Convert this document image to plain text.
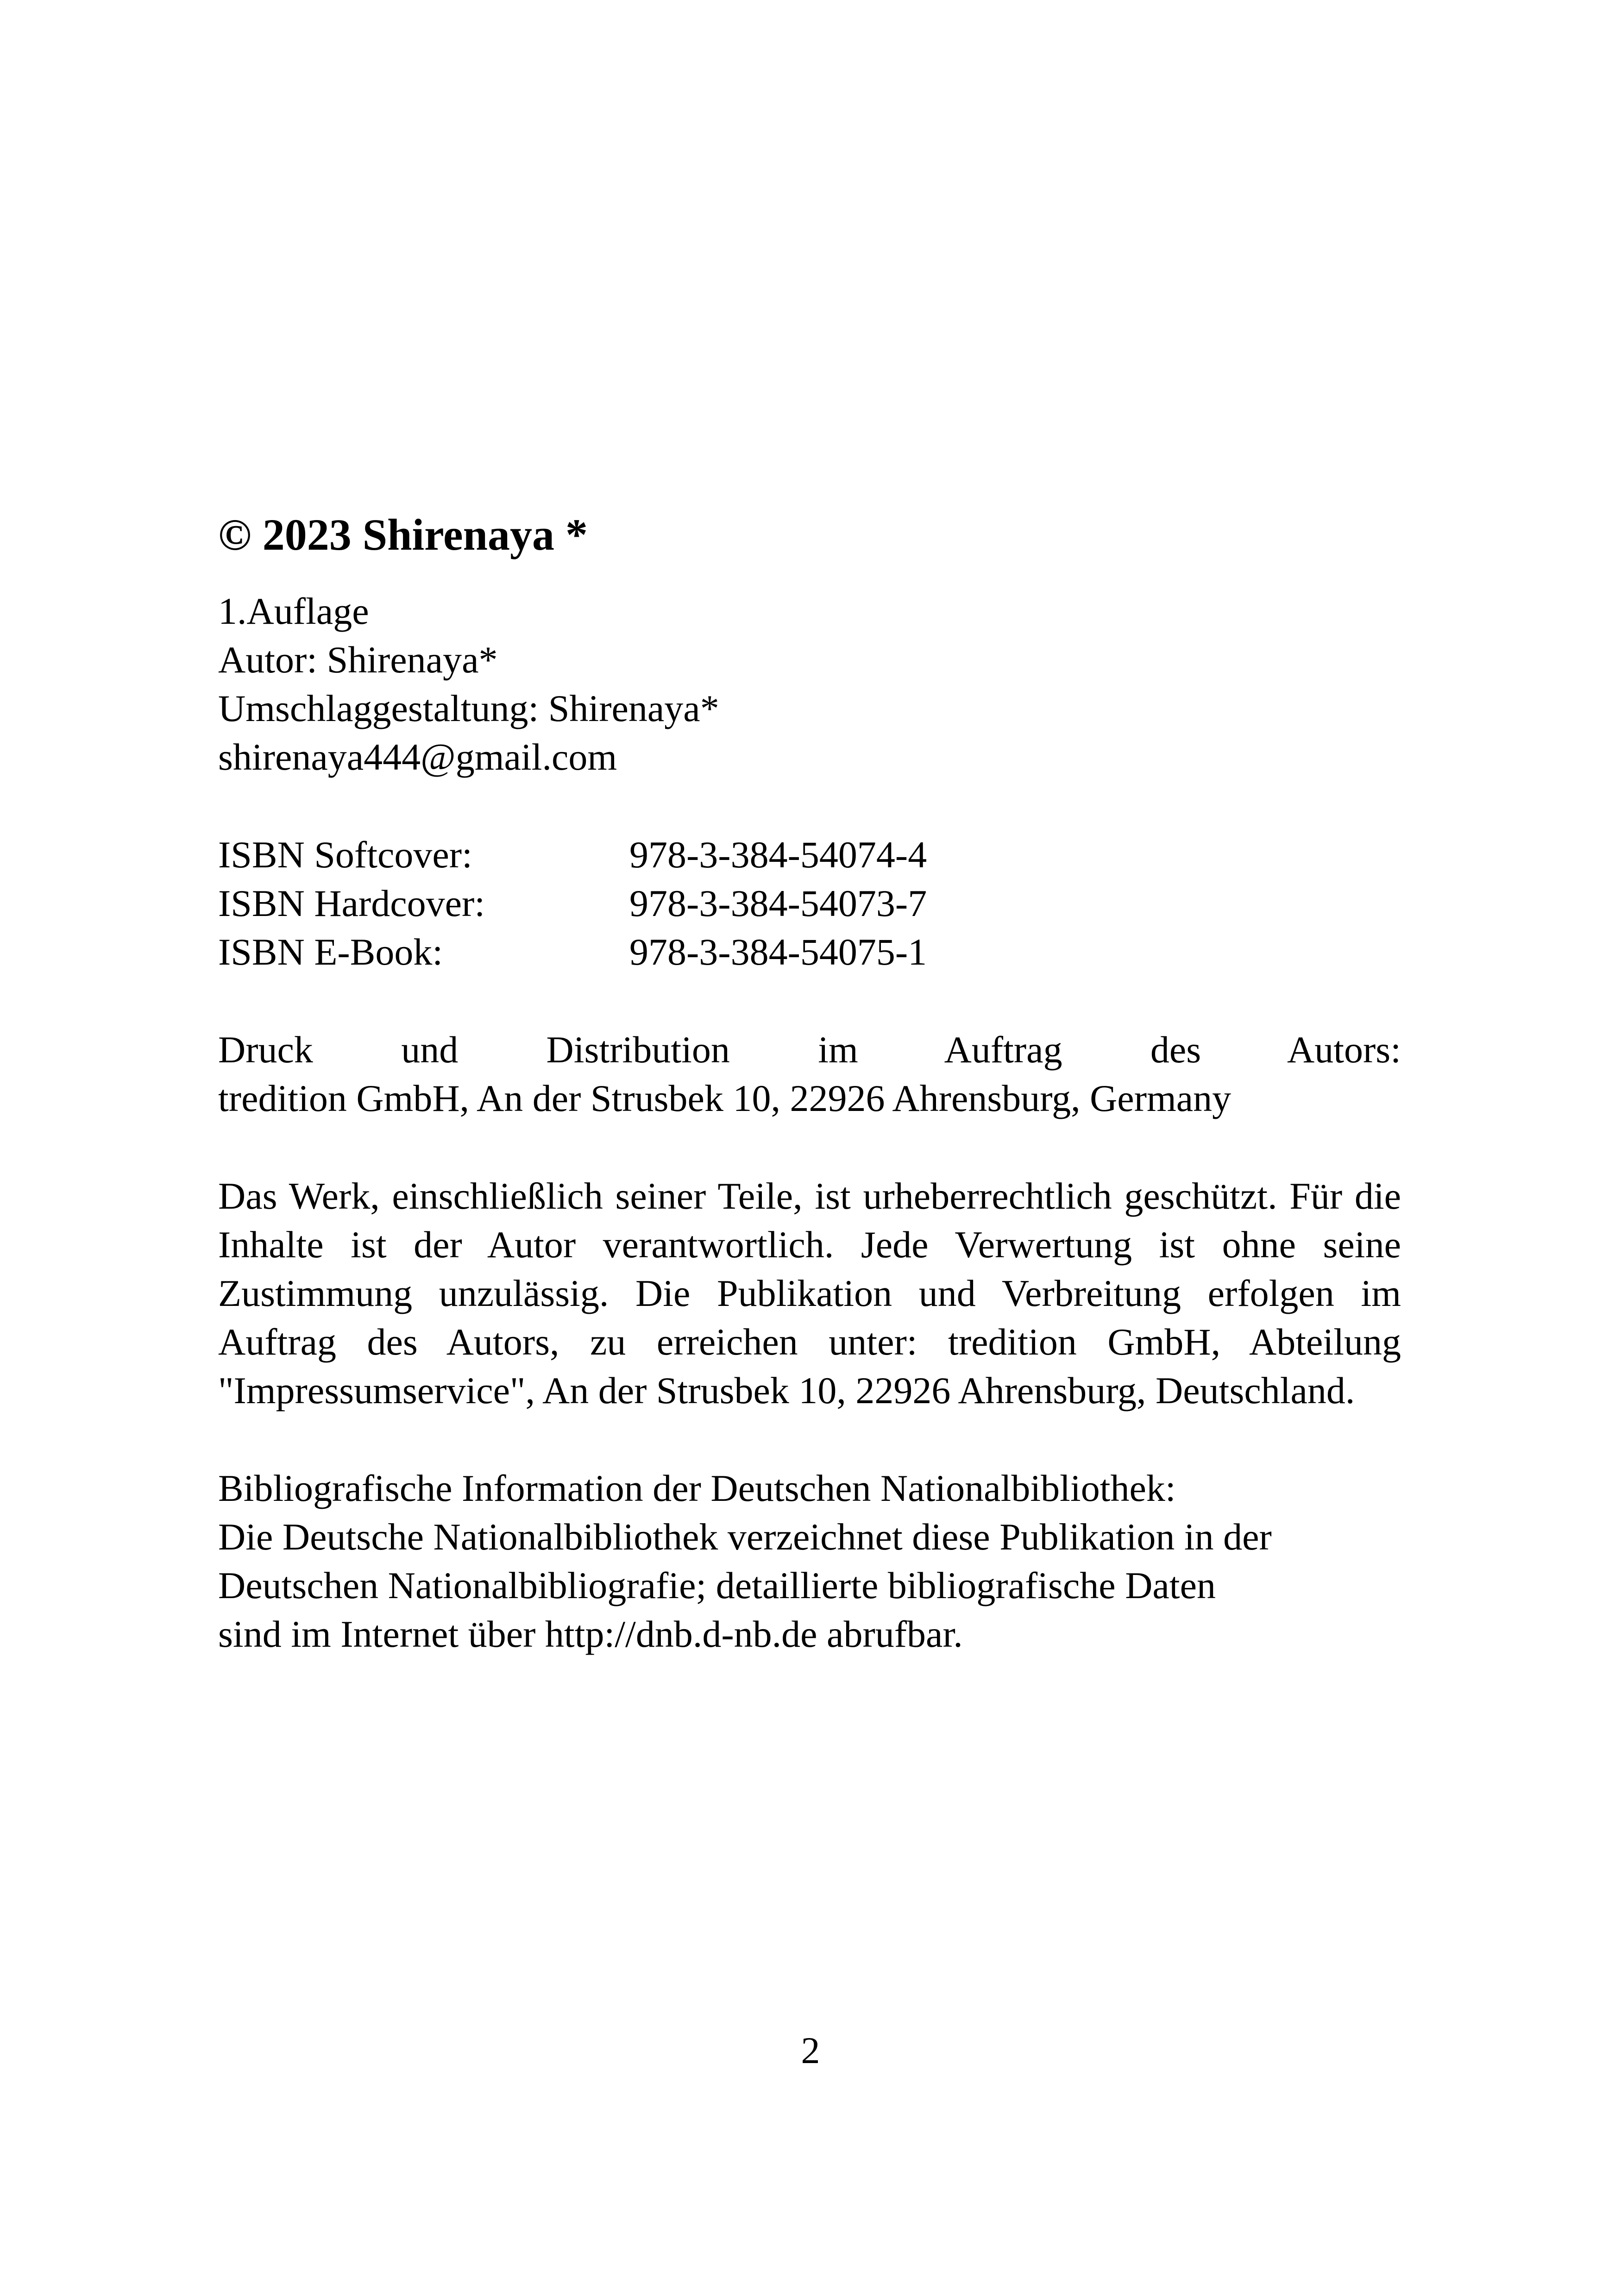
© 2023 Shirenaya *
1.Auflage
Autor: Shirenaya*
Umschlaggestaltung: Shirenaya*
shirenaya444@gmail.com
ISBN Softcover:	978-3-384-54074-4
ISBN Hardcover:	978-3-384-54073-7
ISBN E-Book:	978-3-384-54075-1
Druck und Distribution im Auftrag des Autors:
tredition GmbH, An der Strusbek 10, 22926 Ahrensburg, Germany
Das Werk, einschließlich seiner Teile, ist urheberrechtlich geschützt. Für die Inhalte ist der Autor verantwortlich. Jede Verwertung ist ohne seine Zustimmung unzulässig. Die Publikation und Verbreitung erfolgen im Auftrag des Autors, zu erreichen unter: tredition GmbH, Abteilung "Impressumservice", An der Strusbek 10, 22926 Ahrensburg, Deutschland.
Bibliografische Information der Deutschen Nationalbibliothek:
Die Deutsche Nationalbibliothek verzeichnet diese Publikation in der
Deutschen Nationalbibliografie; detaillierte bibliografische Daten
sind im Internet über http://dnb.d-nb.de abrufbar.
2
